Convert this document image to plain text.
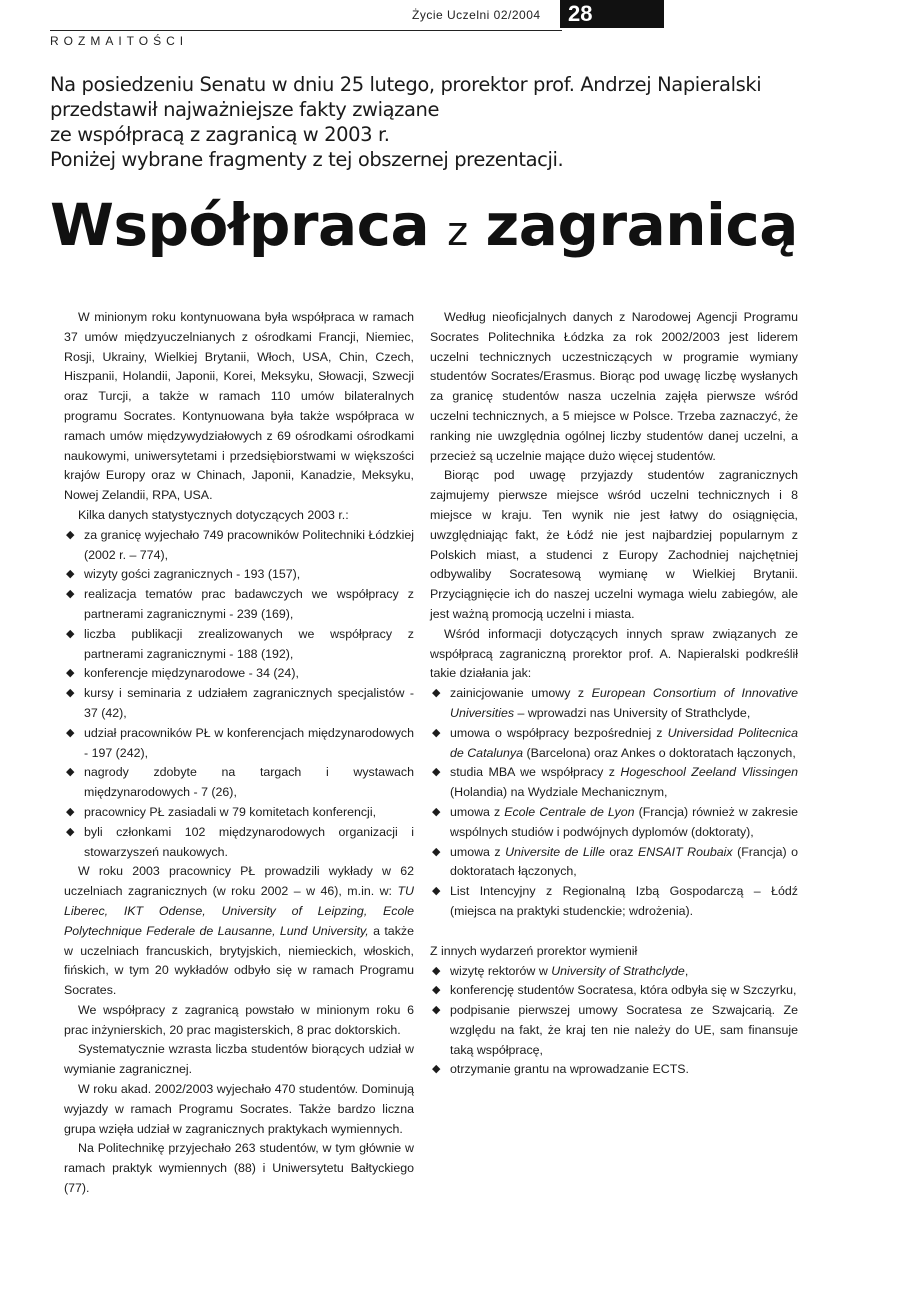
ROZMAITOŚCI
Życie Uczelni 02/2004	28

Na posiedzeniu Senatu w dniu 25 lutego, prorektor prof. Andrzej Napieralski przedstawił najważniejsze fakty związane

ze współpracą z zagranicą w 2003 r.

Poniżej wybrane fragmenty z tej obszernej prezentacji.

Współpraca z zagranicą

W minionym roku kontynuowana była współpraca w ramach 37 umów międzyuczelnianych z ośrodkami Francji, Niemiec, Rosji, Ukrainy, Wielkiej Brytanii, Włoch, USA, Chin, Czech, Hiszpanii, Holandii, Japonii, Korei, Meksyku, Słowacji, Szwecji oraz Turcji, a także w ramach 110 umów bilateralnych programu Socrates. Kontynuowana była także współpraca w ramach umów międzywydziałowych z 69 ośrodkami ośrodkami naukowymi, uniwersytetami i przedsiębiorstwami w większości krajów Europy oraz w Chinach, Japonii, Kanadzie, Meksyku, Nowej Zelandii, RPA, USA.

Kilka danych statystycznych dotyczących 2003 r.:

◆ za granicę wyjechało 749 pracowników Politechniki Łódzkiej (2002 r. – 774),
◆ wizyty gości zagranicznych - 193 (157),
◆ realizacja tematów prac badawczych we współpracy z partnerami zagranicznymi - 239 (169),
◆ liczba publikacji zrealizowanych we współpracy z partnerami zagranicznymi - 188 (192),
◆ konferencje międzynarodowe - 34 (24),
◆ kursy i seminaria z udziałem zagranicznych specjalistów - 37 (42),
◆ udział pracowników PŁ w konferencjach międzynarodowych - 197 (242),
◆ nagrody zdobyte na targach i wystawach międzynarodowych - 7 (26),
◆ pracownicy PŁ zasiadali w 79 komitetach konferencji,
◆ byli członkami 102 międzynarodowych organizacji i stowarzyszeń naukowych.

W roku 2003 pracownicy PŁ prowadzili wykłady w 62 uczelniach zagranicznych (w roku 2002 – w 46), m.in. w: TU Liberec, IKT Odense, University of Leipzing, Ecole Polytechnique Federale de Lausanne, Lund University, a także w uczelniach francuskich, brytyjskich, niemieckich, włoskich, fińskich, w tym 20 wykładów odbyło się w ramach Programu Socrates.

We współpracy z zagranicą powstało w minionym roku 6 prac inżynierskich, 20 prac magisterskich, 8 prac doktorskich.

Systematycznie wzrasta liczba studentów biorących udział w wymianie zagranicznej.

W roku akad. 2002/2003 wyjechało 470 studentów. Dominują wyjazdy w ramach Programu Socrates. Także bardzo liczna grupa wzięła udział w zagranicznych praktykach wymiennych.

Na Politechnikę przyjechało 263 studentów, w tym głównie w ramach praktyk wymiennych (88) i Uniwersytetu Bałtyckiego (77).

Według nieoficjalnych danych z Narodowej Agencji Programu Socrates Politechnika Łódzka za rok 2002/2003 jest liderem uczelni technicznych uczestniczących w programie wymiany studentów Socrates/Erasmus. Biorąc pod uwagę liczbę wysłanych za granicę studentów nasza uczelnia zajęła pierwsze wśród uczelni technicznych, a 5 miejsce w Polsce. Trzeba zaznaczyć, że ranking nie uwzględnia ogólnej liczby studentów danej uczelni, a przecież są uczelnie mające dużo więcej studentów.

Biorąc pod uwagę przyjazdy studentów zagranicznych zajmujemy pierwsze miejsce wśród uczelni technicznych i 8 miejsce w kraju. Ten wynik nie jest łatwy do osiągnięcia, uwzględniając fakt, że Łódź nie jest najbardziej popularnym z Polskich miast, a studenci z Europy Zachodniej najchętniej odbywaliby Socratesową wymianę w Wielkiej Brytanii. Przyciągnięcie ich do naszej uczelni wymaga wielu zabiegów, ale jest ważną promocją uczelni i miasta.

Wśród informacji dotyczących innych spraw związanych ze współpracą zagraniczną prorektor prof. A. Napieralski podkreślił takie działania jak:

◆ zainicjowanie umowy z European Consortium of Innovative Universities – wprowadzi nas University of Strathclyde,
◆ umowa o współpracy bezpośredniej z Universidad Politecnica de Catalunya (Barcelona) oraz Ankes o doktoratach łączonych,
◆ studia MBA we współpracy z Hogeschool Zeeland Vlissingen (Holandia) na Wydziale Mechanicznym,
◆ umowa z Ecole Centrale de Lyon (Francja) również w zakresie wspólnych studiów i podwójnych dyplomów (doktoraty),
◆ umowa z Universite de Lille oraz ENSAIT Roubaix (Francja) o doktoratach łączonych,
◆ List Intencyjny z Regionalną Izbą Gospodarczą – Łódź (miejsca na praktyki studenckie; wdrożenia).

Z innych wydarzeń prorektor wymienił

◆ wizytę rektorów w University of Strathclyde,
◆ konferencję studentów Socratesa, która odbyła się w Szczyrku,
◆ podpisanie pierwszej umowy Socratesa ze Szwajcarią. Ze względu na fakt, że kraj ten nie należy do UE, sam finansuje taką współpracę,
◆ otrzymanie grantu na wprowadzanie ECTS.
